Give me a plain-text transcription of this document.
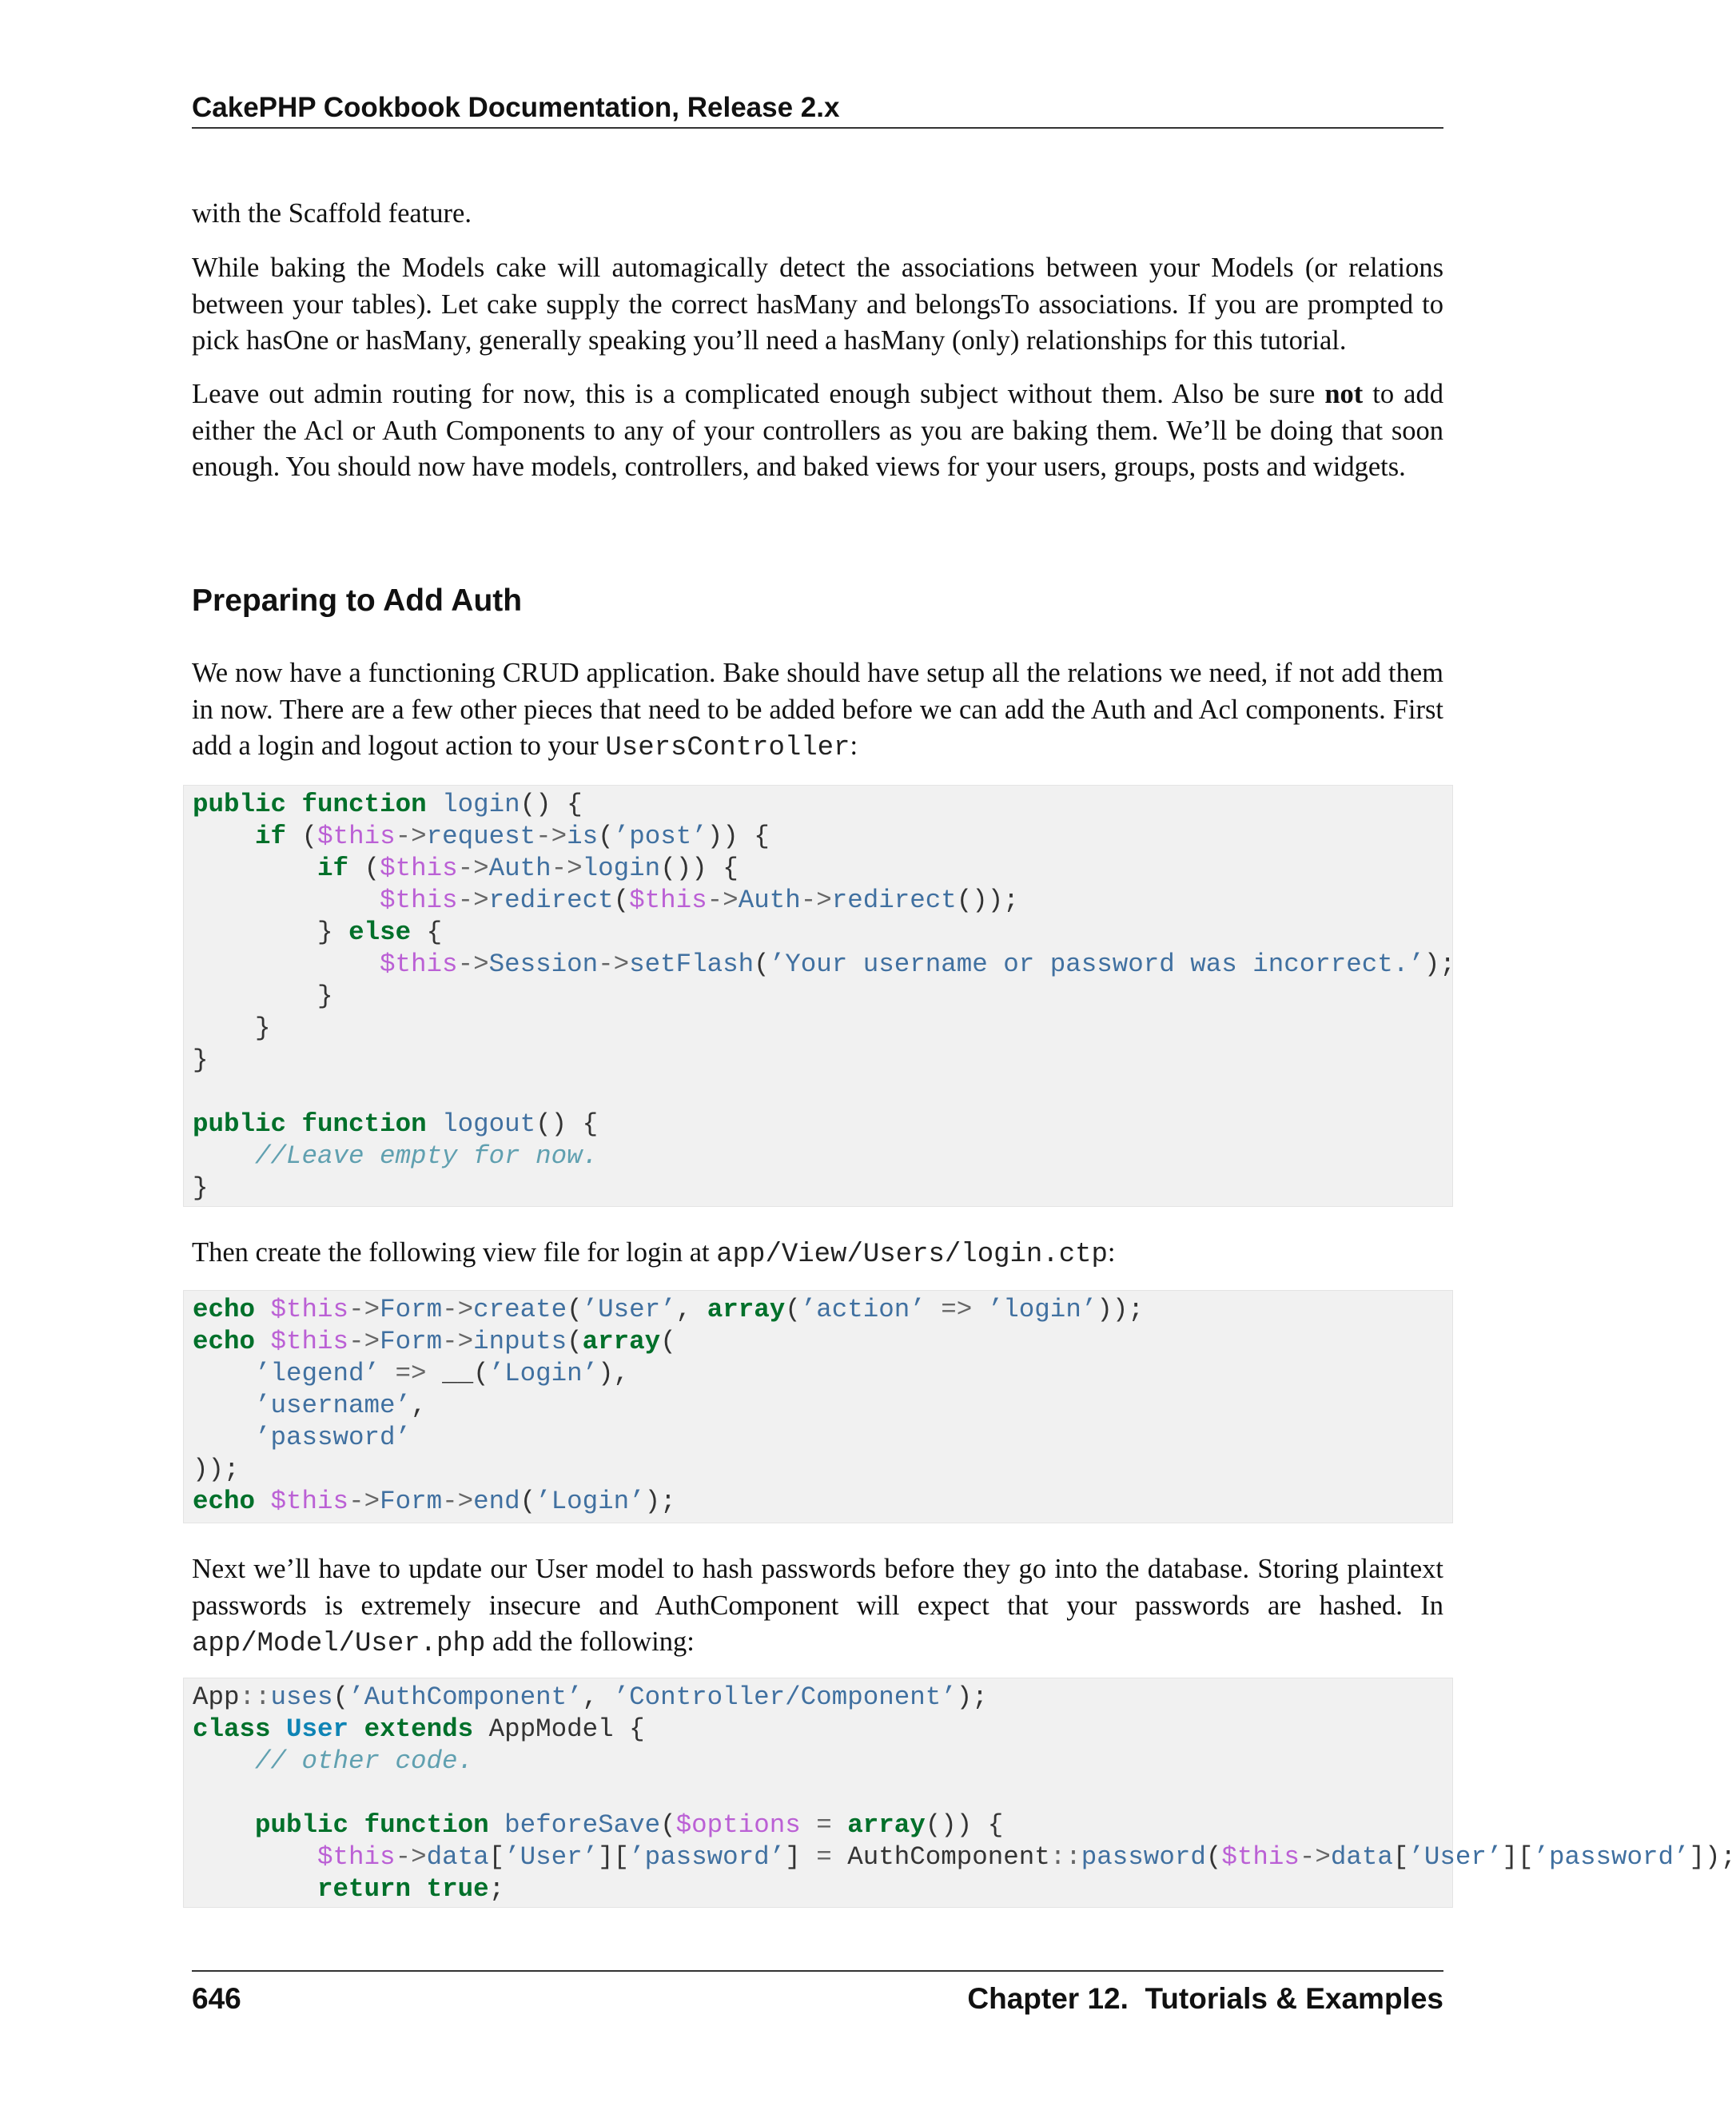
CakePHP Cookbook Documentation, Release 2.x

with the Scaffold feature.

While baking the Models cake will automagically detect the associations between your Models (or relations between your tables). Let cake supply the correct hasMany and belongsTo associations. If you are prompted to pick hasOne or hasMany, generally speaking you’ll need a hasMany (only) relationships for this tutorial.

Leave out admin routing for now, this is a complicated enough subject without them. Also be sure not to add either the Acl or Auth Components to any of your controllers as you are baking them. We’ll be doing that soon enough. You should now have models, controllers, and baked views for your users, groups, posts and widgets.

Preparing to Add Auth

We now have a functioning CRUD application. Bake should have setup all the relations we need, if not add them in now. There are a few other pieces that need to be added before we can add the Auth and Acl components. First add a login and logout action to your UsersController:

public function login() {
if ($this->request->is(’post’)) {
if ($this->Auth->login()) {
$this->redirect($this->Auth->redirect());
} else {
$this->Session->setFlash(’Your username or password was incorrect.’);
}
}
}

public function logout() {
//Leave empty for now.
}

Then create the following view file for login at app/View/Users/login.ctp:

echo $this->Form->create(’User’, array(’action’ => ’login’));
echo $this->Form->inputs(array(
’legend’ => __(’Login’),
’username’,
’password’
));
echo $this->Form->end(’Login’);

Next we’ll have to update our User model to hash passwords before they go into the database. Storing plaintext passwords is extremely insecure and AuthComponent will expect that your passwords are hashed. In app/Model/User.php add the following:

App::uses(’AuthComponent’, ’Controller/Component’);
class User extends AppModel {
// other code.

public function beforeSave($options = array()) {
$this->data[’User’][’password’] = AuthComponent::password($this->data[’User’][’password’]);
return true;
646	Chapter 12.  Tutorials & Examples
